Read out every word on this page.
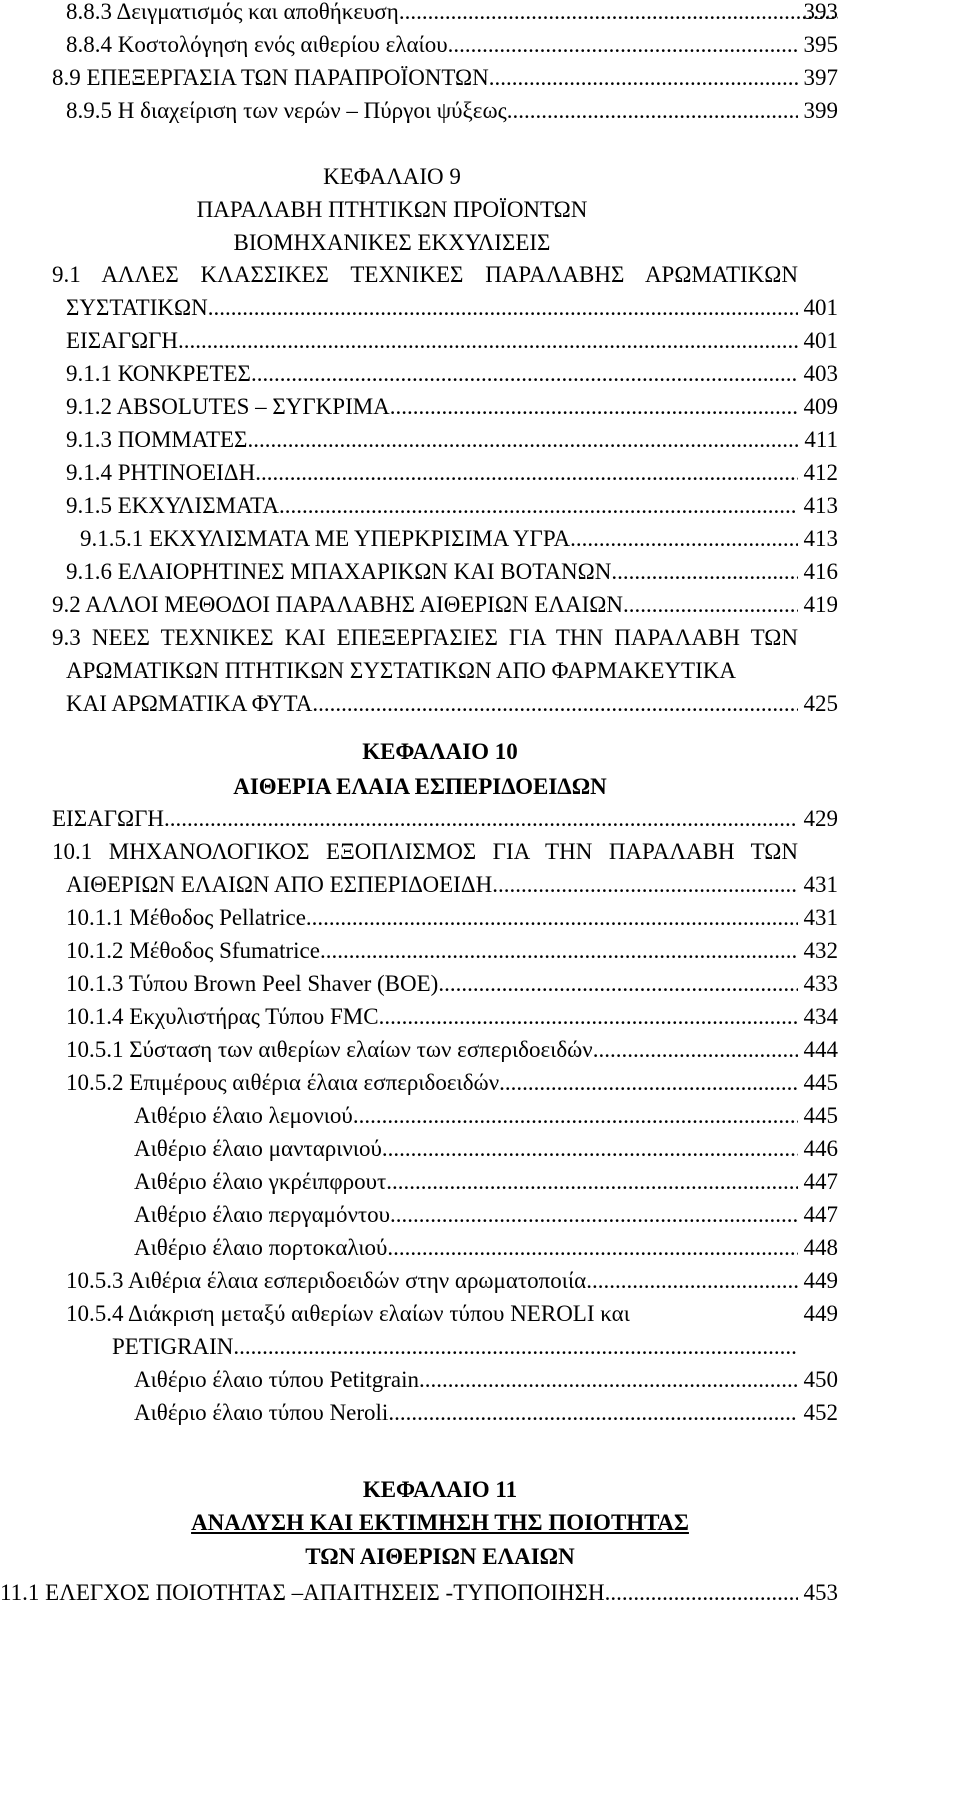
8.8.3 Δειγματισμός και αποθήκευση .....	393
8.8.4 Κοστολόγηση ενός αιθερίου ελαίου .....	395
8.9 ΕΠΕΞΕΡΓΑΣΙΑ ΤΩΝ ΠΑΡΑΠΡΟΪΟΝΤΩΝ .....	397
8.9.5 Η διαχείριση των νερών – Πύργοι ψύξεως .....	399
ΚΕΦΑΛΑΙΟ 9
ΠΑΡΑΛΑΒΗ ΠΤΗΤΙΚΩΝ ΠΡΟΪΟΝΤΩΝ
ΒΙΟΜΗΧΑΝΙΚΕΣ ΕΚΧΥΛΙΣΕΙΣ
9.1 ΑΛΛΕΣ ΚΛΑΣΣΙΚΕΣ ΤΕΧΝΙΚΕΣ ΠΑΡΑΛΑΒΗΣ ΑΡΩΜΑΤΙΚΩΝ
ΣΥΣΤΑΤΙΚΩΝ .....	401
ΕΙΣΑΓΩΓΗ .....	401
9.1.1 ΚΟΝΚΡΕΤΕΣ .....	403
9.1.2 ABSOLUTES – ΣΥΓΚΡΙΜΑ .....	409
9.1.3 ΠΟΜΜΑΤΕΣ .....	411
9.1.4 ΡΗΤΙΝΟΕΙΔΗ .....	412
9.1.5 ΕΚΧΥΛΙΣΜΑΤΑ .....	413
9.1.5.1 ΕΚΧΥΛΙΣΜΑΤΑ ΜΕ ΥΠΕΡΚΡΙΣΙΜΑ ΥΓΡΑ .....	413
9.1.6 ΕΛΑΙΟΡΗΤΙΝΕΣ ΜΠΑΧΑΡΙΚΩΝ ΚΑΙ ΒΟΤΑΝΩΝ .....	416
9.2 ΑΛΛΟΙ ΜΕΘΟΔΟΙ ΠΑΡΑΛΑΒΗΣ ΑΙΘΕΡΙΩΝ ΕΛΑΙΩΝ .....	419
9.3 ΝΕΕΣ ΤΕΧΝΙΚΕΣ ΚΑΙ ΕΠΕΞΕΡΓΑΣΙΕΣ ΓΙΑ ΤΗΝ ΠΑΡΑΛΑΒΗ ΤΩΝ
ΑΡΩΜΑΤΙΚΩΝ ΠΤΗΤΙΚΩΝ ΣΥΣΤΑΤΙΚΩΝ ΑΠΟ ΦΑΡΜΑΚΕΥΤΙΚΑ
ΚΑΙ ΑΡΩΜΑΤΙΚΑ ΦΥΤΑ .....	425
ΚΕΦΑΛΑΙΟ 10
ΑΙΘΕΡΙΑ ΕΛΑΙΑ ΕΣΠΕΡΙΔΟΕΙΔΩΝ
ΕΙΣΑΓΩΓΗ .....	429
10.1 ΜΗΧΑΝΟΛΟΓΙΚΟΣ ΕΞΟΠΛΙΣΜΟΣ ΓΙΑ ΤΗΝ ΠΑΡΑΛΑΒΗ ΤΩΝ
ΑΙΘΕΡΙΩΝ ΕΛΑΙΩΝ ΑΠΟ ΕΣΠΕΡΙΔΟΕΙΔΗ .....	431
10.1.1 Μέθοδος Pellatrice .....	431
10.1.2 Μέθοδος Sfumatrice .....	432
10.1.3 Τύπου Brown Peel Shaver (BOE) .....	433
10.1.4 Εκχυλιστήρας Τύπου FMC .....	434
10.5.1 Σύσταση των αιθερίων ελαίων των εσπεριδοειδών .....	444
10.5.2 Επιμέρους αιθέρια έλαια εσπεριδοειδών .....	445
Αιθέριο έλαιο λεμονιού .....	445
Αιθέριο έλαιο μανταρινιού .....	446
Αιθέριο έλαιο γκρέιπφρουτ .....	447
Αιθέριο έλαιο περγαμόντου .....	447
Αιθέριο έλαιο πορτοκαλιού .....	448
10.5.3 Αιθέρια έλαια εσπεριδοειδών στην αρωματοποιία .....	449
10.5.4 Διάκριση μεταξύ αιθερίων ελαίων τύπου NEROLI και	449
PETIGRAIN
.....
Αιθέριο έλαιο τύπου Petitgrain .....	450
Αιθέριο έλαιο τύπου Neroli .....	452
ΚΕΦΑΛΑΙΟ 11
ΑΝΑΛΥΣΗ ΚΑΙ ΕΚΤΙΜΗΣΗ ΤΗΣ ΠΟΙΟΤΗΤΑΣ
ΤΩΝ ΑΙΘΕΡΙΩΝ ΕΛΑΙΩΝ
11.1 ΕΛΕΓΧΟΣ ΠΟΙΟΤΗΤΑΣ –ΑΠΑΙΤΗΣΕΙΣ -ΤΥΠΟΠΟΙΗΣΗ .....	453
